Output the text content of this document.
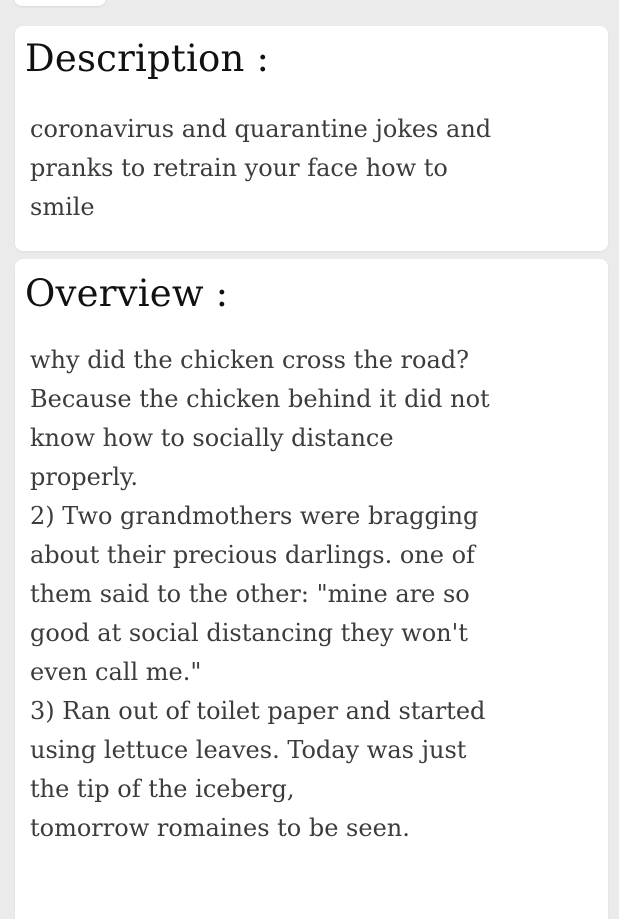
Description :
coronavirus and quarantine jokes and
pranks to retrain your face how to
smile
Overview :
why did the chicken cross the road?
Because the chicken behind it did not
know how to socially distance
properly.
2) Two grandmothers were bragging
about their precious darlings. one of
them said to the other: "mine are so
good at social distancing they won't
even call me."
3) Ran out of toilet paper and started
using lettuce leaves. Today was just
the tip of the iceberg,
tomorrow romaines to be seen.
